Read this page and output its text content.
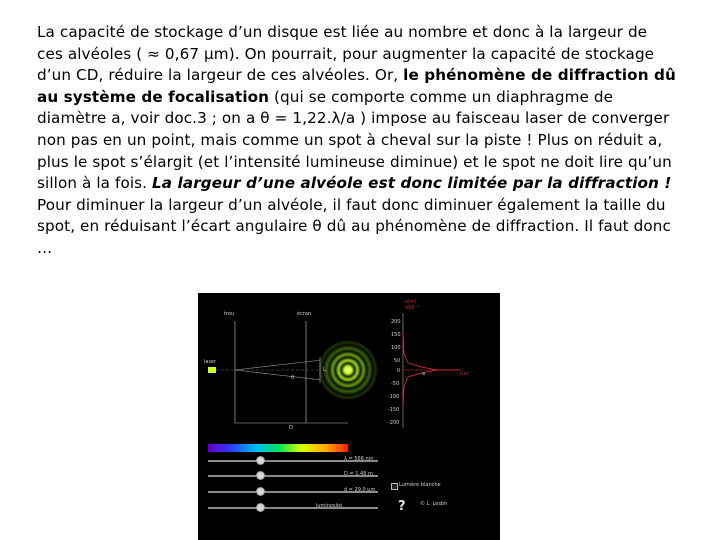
La capacité de stockage d’un disque est liée au nombre et donc à la largeur de ces alvéoles ( ≈ 0,67 μm). On pourrait, pour augmenter la capacité de stockage d’un CD, réduire la largeur de ces alvéoles. Or, le phénomène de diffraction dû au système de focalisation (qui se comporte comme un diaphragme de diamètre a, voir doc.3 ; on a θ = 1,22.λ/a ) impose au faisceau laser de converger non pas en un point, mais comme un spot à cheval sur la piste ! Plus on réduit a, plus le spot s’élargit (et l’intensité lumineuse diminue) et le spot ne doit lire qu’un sillon à la fois. La largeur d’une alvéole est donc limitée par la diffraction !
Pour diminuer la largeur d’un alvéole, il faut donc diminuer également la taille du spot, en réduisant l’écart angulaire θ dû au phénomène de diffraction. Il faut donc …
trou	écran
laser
θ
L
D
x(m)
x10⁻³
200
150
100
50
0
-50
-100
-150
-200
a	I(x)
λ = 566 nm
D = 1.48 m
d = 29.0 μm
luminosité
Lumière blanche
?	© L. Lesbh
